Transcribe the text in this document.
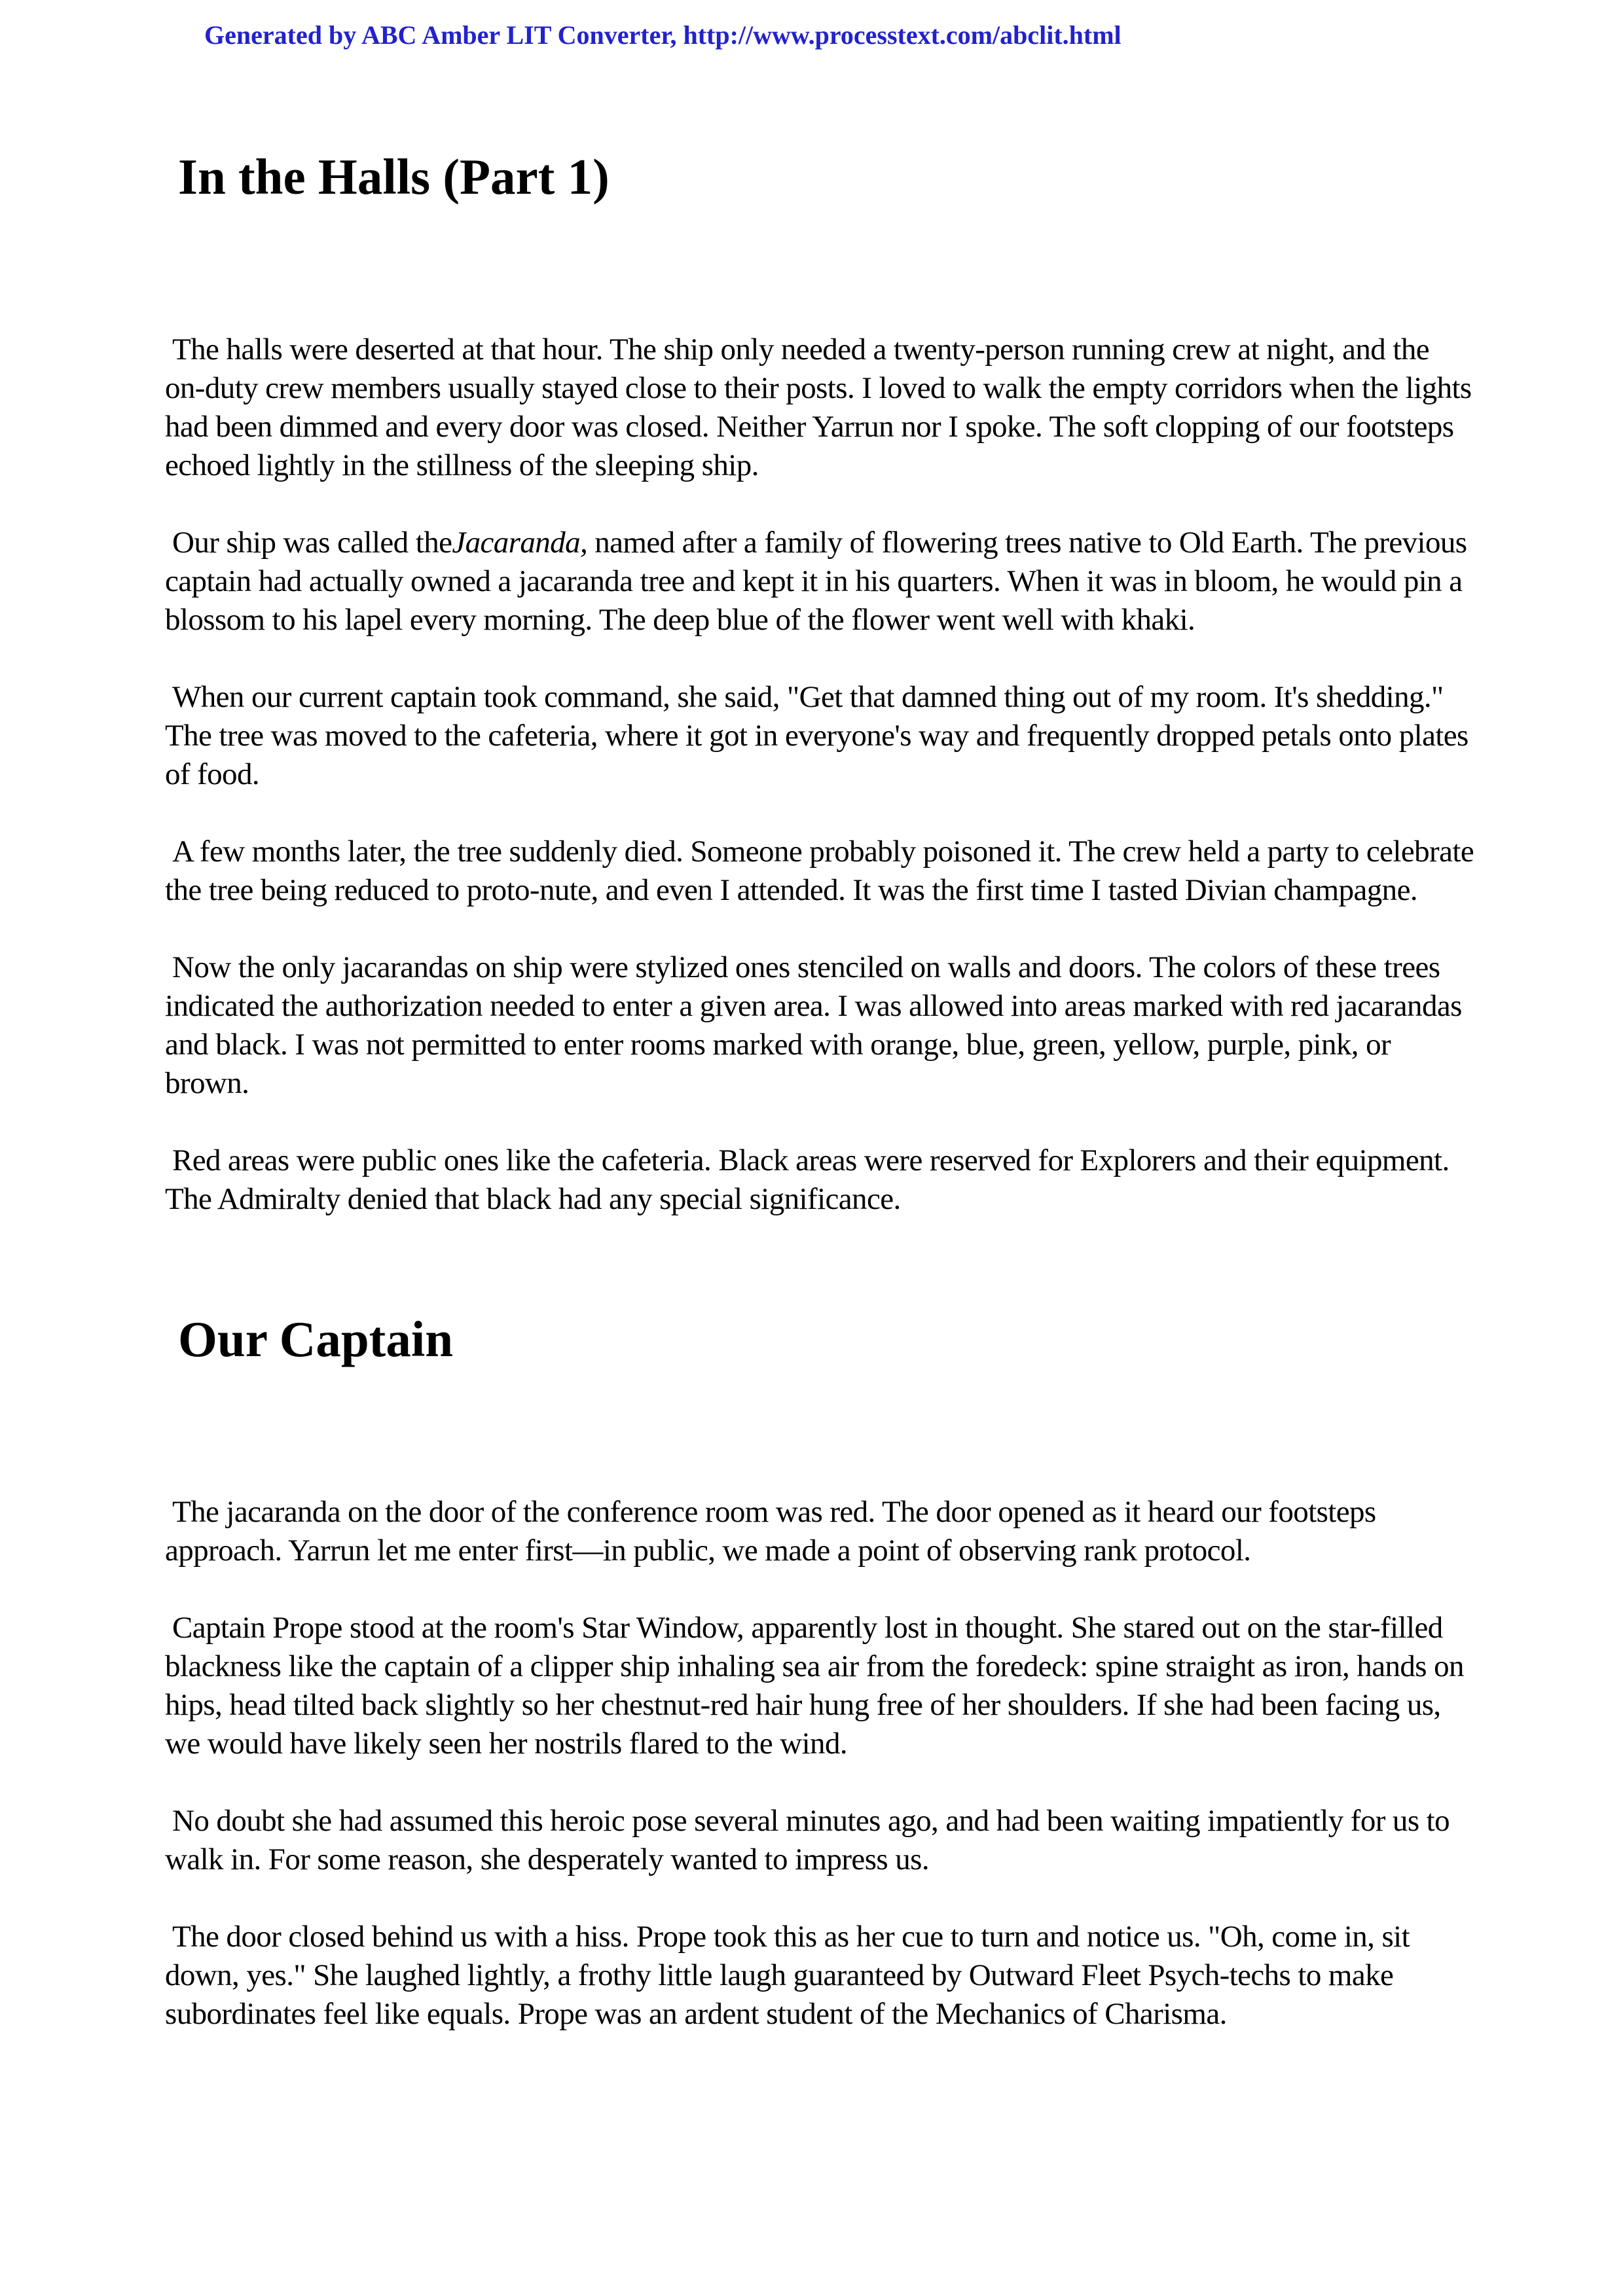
Generated by ABC Amber LIT Converter, http://www.processtext.com/abclit.html
In the Halls (Part 1)

The halls were deserted at that hour. The ship only needed a twenty-person running crew at night, and the on-duty crew members usually stayed close to their posts. I loved to walk the empty corridors when the lights had been dimmed and every door was closed. Neither Yarrun nor I spoke. The soft clopping of our footsteps echoed lightly in the stillness of the sleeping ship.

Our ship was called theJacaranda, named after a family of flowering trees native to Old Earth. The previous captain had actually owned a jacaranda tree and kept it in his quarters. When it was in bloom, he would pin a blossom to his lapel every morning. The deep blue of the flower went well with khaki.

When our current captain took command, she said, "Get that damned thing out of my room. It's shedding." The tree was moved to the cafeteria, where it got in everyone's way and frequently dropped petals onto plates of food.

A few months later, the tree suddenly died. Someone probably poisoned it. The crew held a party to celebrate the tree being reduced to proto-nute, and even I attended. It was the first time I tasted Divian champagne.

Now the only jacarandas on ship were stylized ones stenciled on walls and doors. The colors of these trees indicated the authorization needed to enter a given area. I was allowed into areas marked with red jacarandas and black. I was not permitted to enter rooms marked with orange, blue, green, yellow, purple, pink, or brown.

Red areas were public ones like the cafeteria. Black areas were reserved for Explorers and their equipment. The Admiralty denied that black had any special significance.

Our Captain

The jacaranda on the door of the conference room was red. The door opened as it heard our footsteps approach. Yarrun let me enter first—in public, we made a point of observing rank protocol.

Captain Prope stood at the room's Star Window, apparently lost in thought. She stared out on the star-filled blackness like the captain of a clipper ship inhaling sea air from the foredeck: spine straight as iron, hands on hips, head tilted back slightly so her chestnut-red hair hung free of her shoulders. If she had been facing us, we would have likely seen her nostrils flared to the wind.

No doubt she had assumed this heroic pose several minutes ago, and had been waiting impatiently for us to walk in. For some reason, she desperately wanted to impress us.

The door closed behind us with a hiss. Prope took this as her cue to turn and notice us. "Oh, come in, sit down, yes." She laughed lightly, a frothy little laugh guaranteed by Outward Fleet Psych-techs to make subordinates feel like equals. Prope was an ardent student of the Mechanics of Charisma.
